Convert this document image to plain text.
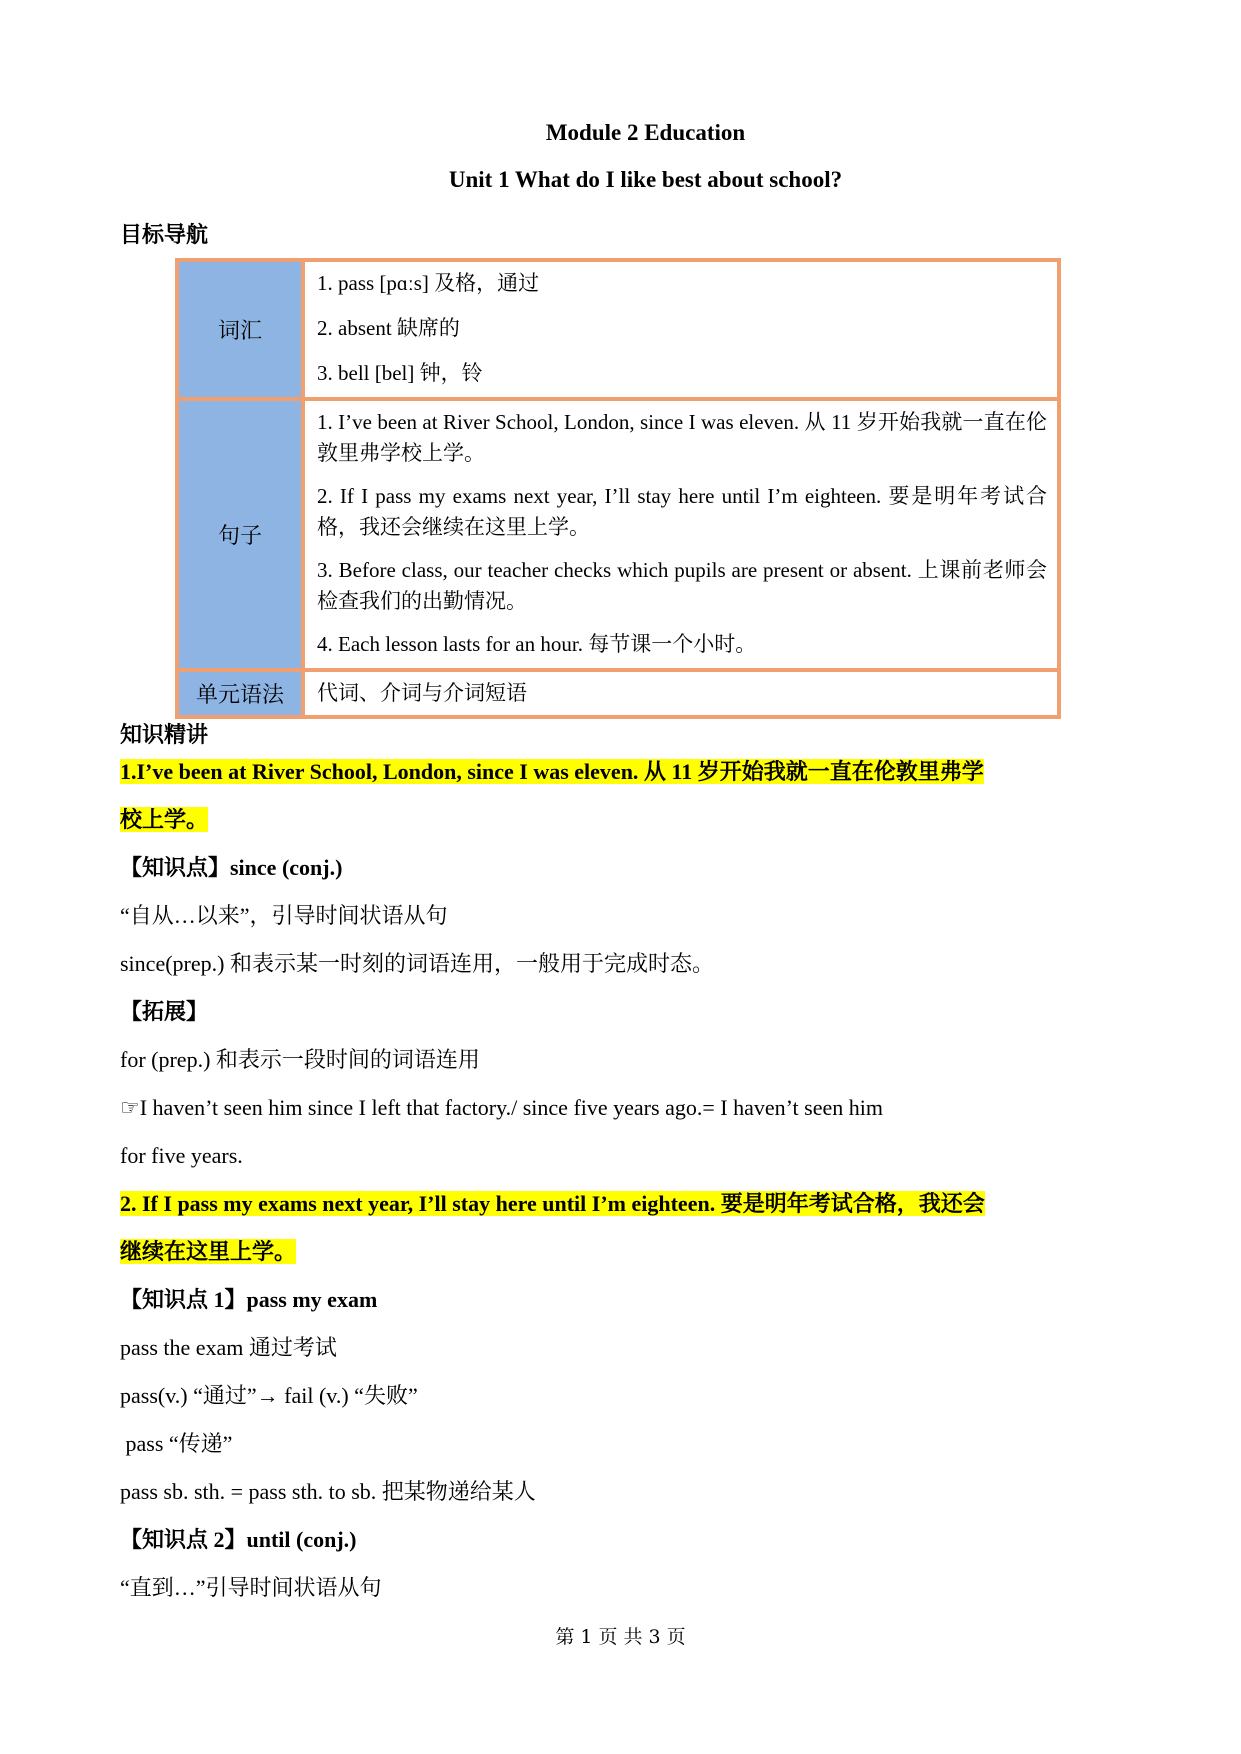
Module 2 Education
Unit 1 What do I like best about school?
目标导航
词汇	1. pass [pɑːs] 及格，通过
2. absent 缺席的
3. bell [bel] 钟，铃

句子	1. I’ve been at River School, London, since I was eleven. 从 11 岁开始我就一直在伦敦里弗学校上学。
2. If I pass my exams next year, I’ll stay here until I’m eighteen. 要是明年考试合格，我还会继续在这里上学。
3. Before class, our teacher checks which pupils are present or absent. 上课前老师会检查我们的出勤情况。
4. Each lesson lasts for an hour. 每节课一个小时。

单元语法	代词、介词与介词短语
知识精讲
1.I’ve been at River School, London, since I was eleven. 从 11 岁开始我就一直在伦敦里弗学
校上学。
【知识点】since (conj.)
“自从…以来”，引导时间状语从句
since(prep.) 和表示某一时刻的词语连用，一般用于完成时态。
【拓展】
for (prep.) 和表示一段时间的词语连用
☞I haven’t seen him since I left that factory./ since five years ago.= I haven’t seen him
for five years.
2. If I pass my exams next year, I’ll stay here until I’m eighteen. 要是明年考试合格，我还会
继续在这里上学。
【知识点 1】pass my exam
pass the exam 通过考试
pass(v.) “通过”→ fail (v.) “失败”
pass “传递”
pass sb. sth. = pass sth. to sb. 把某物递给某人
【知识点 2】until (conj.)
“直到…”引导时间状语从句
第 1 页 共 3 页
